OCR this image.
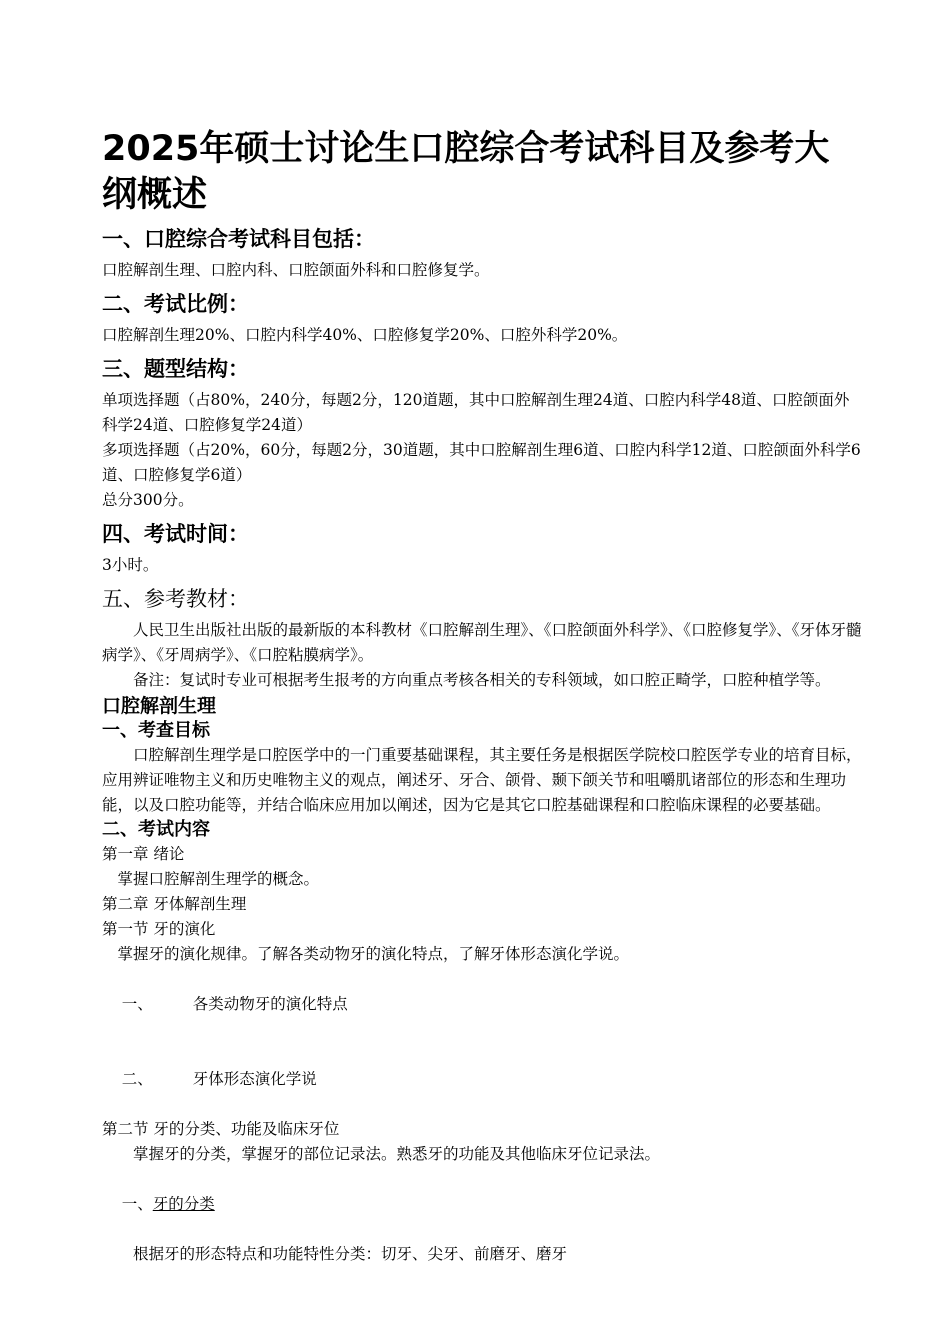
2025年硕士讨论生口腔综合考试科目及参考大纲概述
一、口腔综合考试科目包括：
口腔解剖生理、口腔内科、口腔颌面外科和口腔修复学。
二、考试比例：
口腔解剖生理20%、口腔内科学40%、口腔修复学20%、口腔外科学20%。
三、题型结构：
单项选择题（占80%，240分，每题2分，120道题，其中口腔解剖生理24道、口腔内科学48道、口腔颌面外科学24道、口腔修复学24道）
多项选择题（占20%，60分，每题2分，30道题，其中口腔解剖生理6道、口腔内科学12道、口腔颌面外科学6道、口腔修复学6道）
总分300分。
四、考试时间：
3小时。
五、参考教材：
人民卫生出版社出版的最新版的本科教材《口腔解剖生理》、《口腔颌面外科学》、《口腔修复学》、《牙体牙髓病学》、《牙周病学》、《口腔粘膜病学》。
备注：复试时专业可根据考生报考的方向重点考核各相关的专科领域，如口腔正畸学，口腔种植学等。
口腔解剖生理
一、考查目标
口腔解剖生理学是口腔医学中的一门重要基础课程，其主要任务是根据医学院校口腔医学专业的培育目标，应用辨证唯物主义和历史唯物主义的观点，阐述牙、牙合、颌骨、颞下颌关节和咀嚼肌诸部位的形态和生理功能，以及口腔功能等，并结合临床应用加以阐述，因为它是其它口腔基础课程和口腔临床课程的必要基础。
二、考试内容
第一章 绪论
掌握口腔解剖生理学的概念。
第二章 牙体解剖生理
第一节 牙的演化
掌握牙的演化规律。了解各类动物牙的演化特点，了解牙体形态演化学说。

一、	各类动物牙的演化特点

二、	牙体形态演化学说

第二节 牙的分类、功能及临床牙位
掌握牙的分类，掌握牙的部位记录法。熟悉牙的功能及其他临床牙位记录法。

一、牙的分类

根据牙的形态特点和功能特性分类：切牙、尖牙、前磨牙、磨牙
